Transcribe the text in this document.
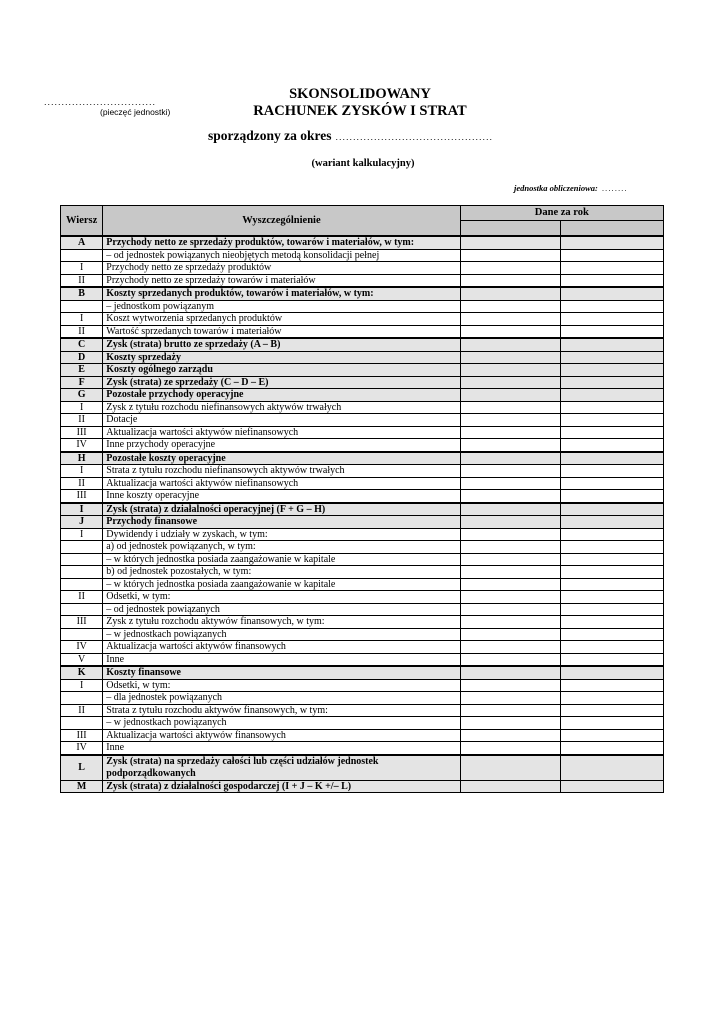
................................
(pieczęć jednostki)
SKONSOLIDOWANY
RACHUNEK ZYSKÓW I STRAT
sporządzony za okres .............................................
(wariant kalkulacyjny)
jednostka obliczeniowa: ........
Wiersz	Wyszczególnienie	Dane za rok	

A	Przychody netto ze sprzedaży produktów, towarów i materiałów, w tym:		
	– od jednostek powiązanych nieobjętych metodą konsolidacji pełnej		
I	Przychody netto ze sprzedaży produktów		
II	Przychody netto ze sprzedaży towarów i materiałów		
B	Koszty sprzedanych produktów, towarów i materiałów, w tym:		
	– jednostkom powiązanym		
I	Koszt wytworzenia sprzedanych produktów		
II	Wartość sprzedanych towarów i materiałów		
C	Zysk (strata) brutto ze sprzedaży (A – B)		
D	Koszty sprzedaży		
E	Koszty ogólnego zarządu		
F	Zysk (strata) ze sprzedaży (C – D – E)		
G	Pozostałe przychody operacyjne		
I	Zysk z tytułu rozchodu niefinansowych aktywów trwałych		
II	Dotacje		
III	Aktualizacja wartości aktywów niefinansowych		
IV	Inne przychody operacyjne		
H	Pozostałe koszty operacyjne		
I	Strata z tytułu rozchodu niefinansowych aktywów trwałych		
II	Aktualizacja wartości aktywów niefinansowych		
III	Inne koszty operacyjne		
I	Zysk (strata) z działalności operacyjnej (F + G – H)		
J	Przychody finansowe		
I	Dywidendy i udziały w zyskach, w tym:		
	a) od jednostek powiązanych, w tym:		
	– w których jednostka posiada zaangażowanie w kapitale		
	b) od jednostek pozostałych, w tym:		
	– w których jednostka posiada zaangażowanie w kapitale		
II	Odsetki, w tym:		
	– od jednostek powiązanych		
III	Zysk z tytułu rozchodu aktywów finansowych, w tym:		
	– w jednostkach powiązanych		
IV	Aktualizacja wartości aktywów finansowych		
V	Inne		
K	Koszty finansowe		
I	Odsetki, w tym:		
	– dla jednostek powiązanych		
II	Strata z tytułu rozchodu aktywów finansowych, w tym:		
	– w jednostkach powiązanych		
III	Aktualizacja wartości aktywów finansowych		
IV	Inne		
L	Zysk (strata) na sprzedaży całości lub części udziałów jednostek podporządkowanych		
M	Zysk (strata) z działalności gospodarczej (I + J – K +/– L)		
